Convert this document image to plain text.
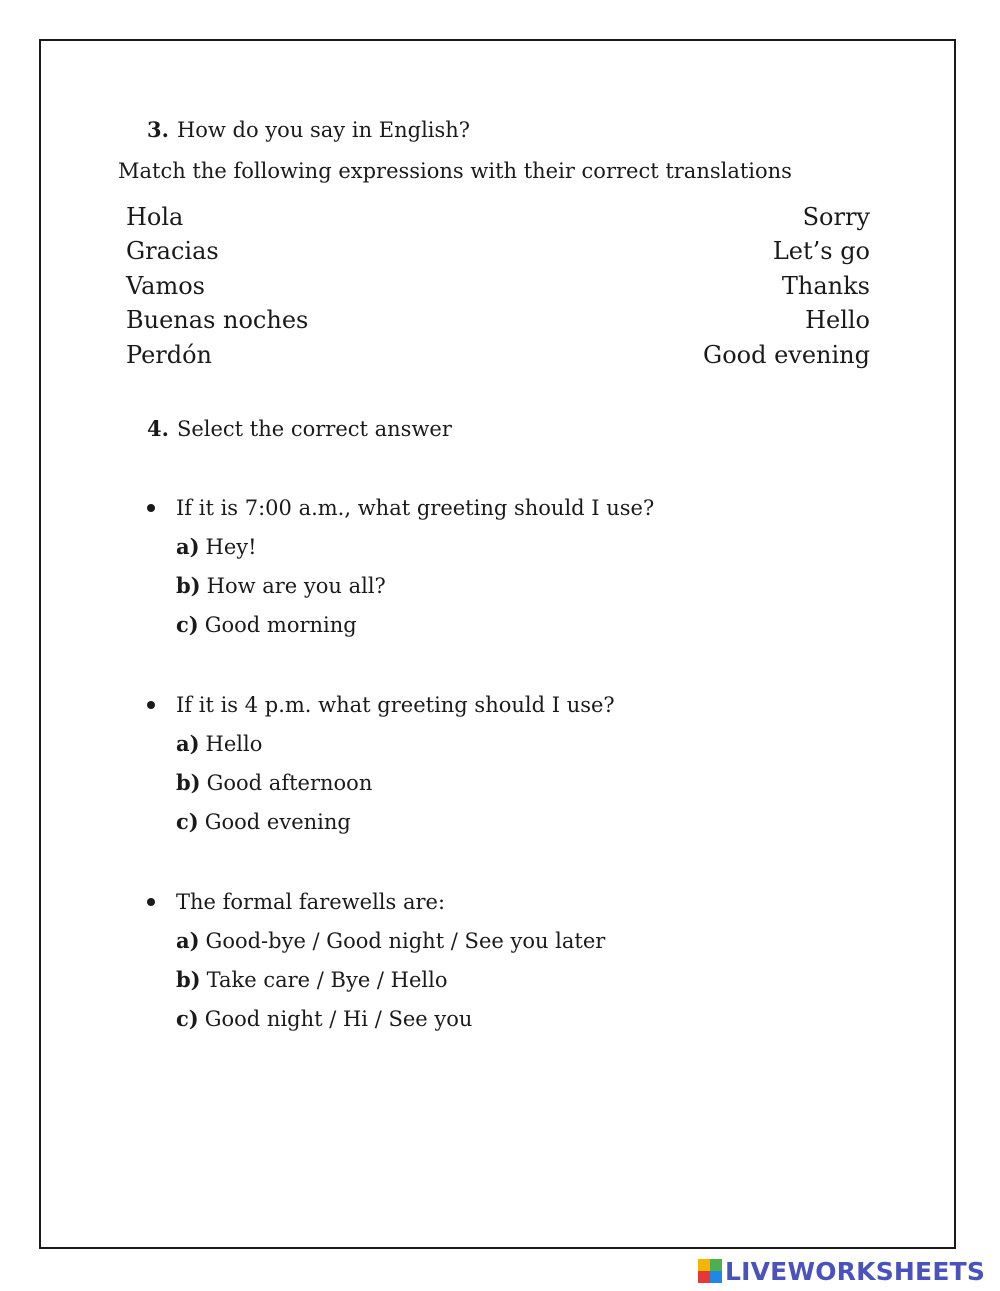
3. How do you say in English?
Match the following expressions with their correct translations
Hola	Sorry
Gracias	Let’s go
Vamos	Thanks
Buenas noches	Hello
Perdón	Good evening
4. Select the correct answer
If it is 7:00 a.m., what greeting should I use?
a) Hey!
b) How are you all?
c) Good morning
If it is 4 p.m. what greeting should I use?
a) Hello
b) Good afternoon
c) Good evening
The formal farewells are:
a) Good-bye / Good night / See you later
b) Take care / Bye / Hello
c) Good night / Hi / See you
LIVEWORKSHEETS
